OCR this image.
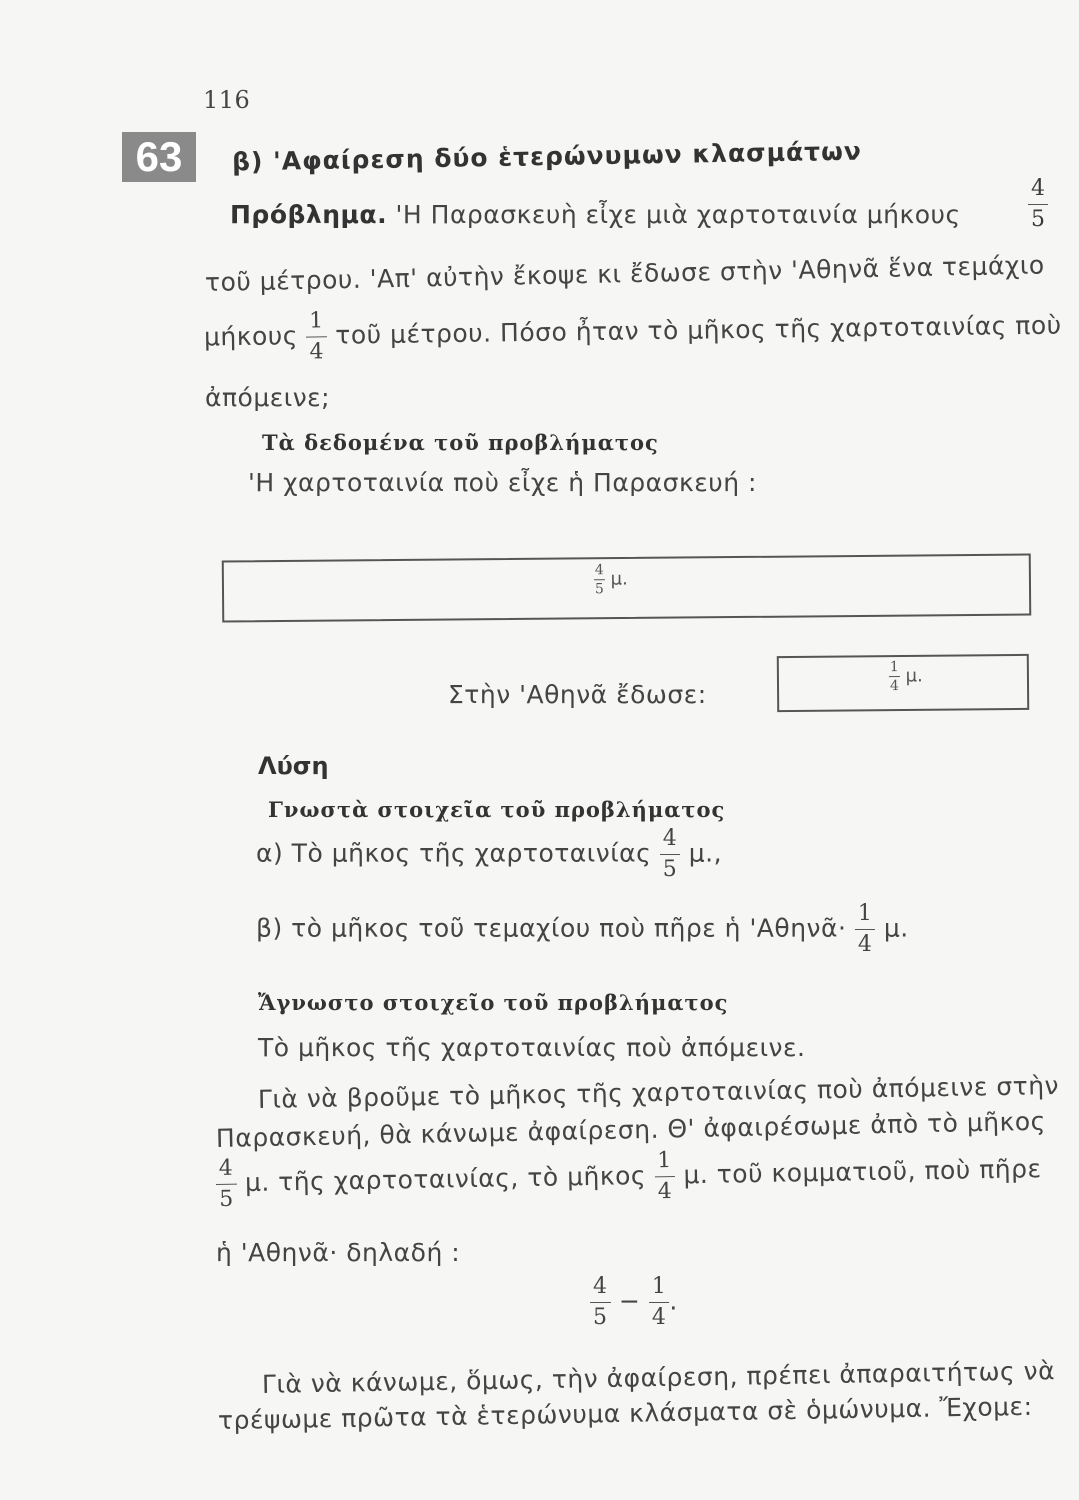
116
63	β) 'Αφαίρεση δύο ἑτερώνυμων κλασμάτων
Πρόβλημα. 'Η Παρασκευὴ εἶχε μιὰ χαρτοταινία μήκους	$\frac{4}{5}$
τοῦ μέτρου. 'Απ' αὐτὴν ἔκοψε κι ἔδωσε στὴν 'Αθηνᾶ ἕνα τεμάχιο
μήκους $\frac{1}{4}$ τοῦ μέτρου. Πόσο ἦταν τὸ μῆκος τῆς χαρτοταινίας ποὺ
ἀπόμεινε;
Τὰ δεδομένα τοῦ προβλήματος
'Η χαρτοταινία ποὺ εἶχε ἡ Παρασκευή :
$\frac{4}{5} \mu$.
Στὴν 'Αθηνᾶ ἔδωσε:
$\frac{1}{4} \mu$.
Λύση
Γνωστὰ στοιχεῖα τοῦ προβλήματος
α) Τὸ μῆκος τῆς χαρτοταινίας $\frac{4}{5} \mu$.,
β) τὸ μῆκος τοῦ τεμαχίου ποὺ πῆρε ἡ 'Αθηνᾶ· $\frac{1}{4} \mu$.
Ἄγνωστο στοιχεῖο τοῦ προβλήματος
Τὸ μῆκος τῆς χαρτοταινίας ποὺ ἀπόμεινε.
Γιὰ νὰ βροῦμε τὸ μῆκος τῆς χαρτοταινίας ποὺ ἀπόμεινε στὴν
Παρασκευή, θὰ κάνωμε ἀφαίρεση. Θ' ἀφαιρέσωμε ἀπὸ τὸ μῆκος
$\frac{4}{5} \mu$. τῆς χαρτοταινίας, τὸ μῆκος $\frac{1}{4} \mu$. τοῦ κομματιοῦ, ποὺ πῆρε
ἡ 'Αθηνᾶ· δηλαδή :
$\frac{4}{5} - \frac{1}{4}$ .
Γιὰ νὰ κάνωμε, ὅμως, τὴν ἀφαίρεση, πρέπει ἀπαραιτήτως νὰ
τρέψωμε πρῶτα τὰ ἑτερώνυμα κλάσματα σὲ ὁμώνυμα. Ἔχομε:
